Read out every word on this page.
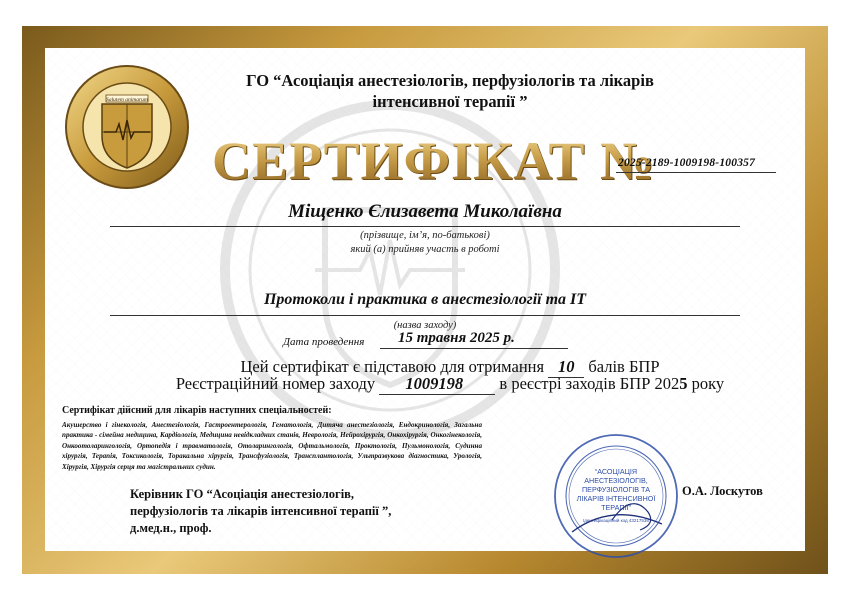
Salutem animarum
ГО “Асоціація анестезіологів, перфузіологів та лікарів
інтенсивної терапії ”
СЕРТИФІКАТ №
2025-2189-1009198-100357
Міщенко Єлизавета Миколаївна
(прізвище, ім’я, по-батькові)
який (а) прийняв участь в роботі
Протоколи і практика в анестезіології та ІТ
(назва заходу)
Дата проведення 15 травня 2025 р.
Цей сертифікат є підставою для отримання 10 балів БПР
Реєстраційний номер заходу 1009198 в реєстрі заходів БПР 2025 року
Сертифікат дійсний для лікарів наступних спеціальностей:
Акушерство і гінекологія, Анестезіологія, Гастроентерологія, Гематологія, Дитяча анестезіологія, Ендокринологія, Загальна практика - сімейна медицина, Кардіологія, Медицина невідкладних станів, Неврологія, Нейрохірургія, Онкохірургія, Онкогінекологія, Онкоотоларингологія, Ортопедія і травматологія, Отоларингологія, Офтальмологія, Проктологія, Пульмонологія, Судинна хірургія, Терапія, Токсикологія, Торакальна хірургія, Трансфузіологія, Трансплантологія, Ультразвукова діагностика, Урологія, Хірургія, Хірургія серця та магістральних судин.
Керівник ГО “Асоціація анестезіологів,
перфузіологів та лікарів інтенсивної терапії ”,
д.мед.н., проф.
О.А. Лоскутов
“АСОЦІАЦІЯ
АНЕСТЕЗІОЛОГІВ,
ПЕРФУЗІОЛОГІВ ТА
ЛІКАРІВ ІНТЕНСИВНОЇ
ТЕРАПІЇ”
Ідентифікаційний код 43217538
